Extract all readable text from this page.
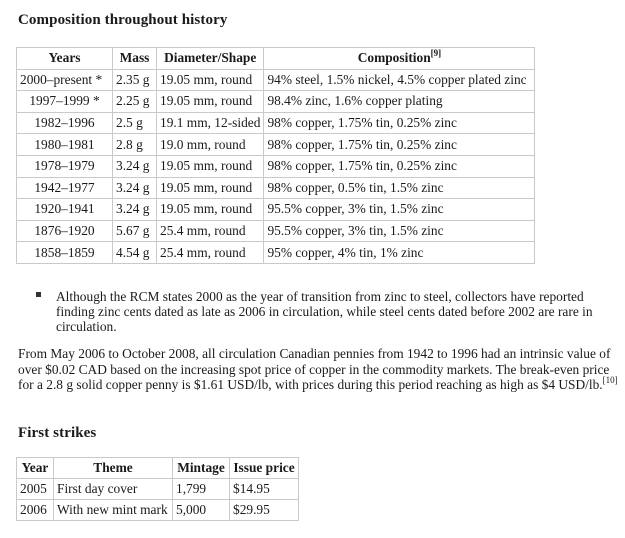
Composition throughout history
Years	Mass	Diameter/Shape	Composition[9]
2000–present *	2.35 g	19.05 mm, round	94% steel, 1.5% nickel, 4.5% copper plated zinc
1997–1999 *	2.25 g	19.05 mm, round	98.4% zinc, 1.6% copper plating
1982–1996	2.5 g	19.1 mm, 12-sided	98% copper, 1.75% tin, 0.25% zinc
1980–1981	2.8 g	19.0 mm, round	98% copper, 1.75% tin, 0.25% zinc
1978–1979	3.24 g	19.05 mm, round	98% copper, 1.75% tin, 0.25% zinc
1942–1977	3.24 g	19.05 mm, round	98% copper, 0.5% tin, 1.5% zinc
1920–1941	3.24 g	19.05 mm, round	95.5% copper, 3% tin, 1.5% zinc
1876–1920	5.67 g	25.4 mm, round	95.5% copper, 3% tin, 1.5% zinc
1858–1859	4.54 g	25.4 mm, round	95% copper, 4% tin, 1% zinc
Although the RCM states 2000 as the year of transition from zinc to steel, collectors have reported finding zinc cents dated as late as 2006 in circulation, while steel cents dated before 2002 are rare in circulation.
From May 2006 to October 2008, all circulation Canadian pennies from 1942 to 1996 had an intrinsic value of over $0.02 CAD based on the increasing spot price of copper in the commodity markets. The break-even price for a 2.8 g solid copper penny is $1.61 USD/lb, with prices during this period reaching as high as $4 USD/lb.[10]
First strikes
Year	Theme	Mintage	Issue price
2005	First day cover	1,799	$14.95
2006	With new mint mark	5,000	$29.95
